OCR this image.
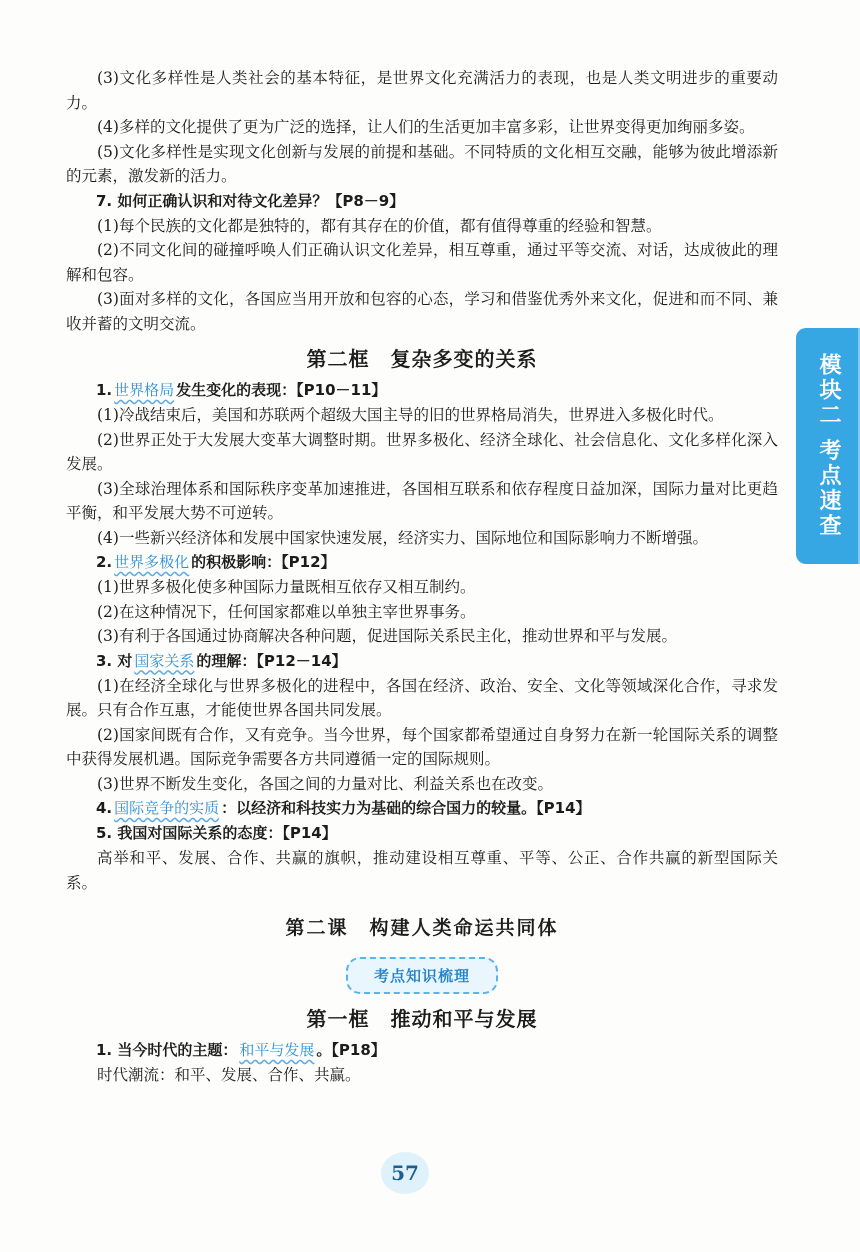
(3)文化多样性是人类社会的基本特征，是世界文化充满活力的表现，也是人类文明进步的重要动力。

(4)多样的文化提供了更为广泛的选择，让人们的生活更加丰富多彩，让世界变得更加绚丽多姿。

(5)文化多样性是实现文化创新与发展的前提和基础。不同特质的文化相互交融，能够为彼此增添新的元素，激发新的活力。

7. 如何正确认识和对待文化差异？【P8－9】

(1)每个民族的文化都是独特的，都有其存在的价值，都有值得尊重的经验和智慧。

(2)不同文化间的碰撞呼唤人们正确认识文化差异，相互尊重，通过平等交流、对话，达成彼此的理解和包容。

(3)面对多样的文化，各国应当用开放和包容的心态，学习和借鉴优秀外来文化，促进和而不同、兼收并蓄的文明交流。

第二框　复杂多变的关系
1. 世界格局 发生变化的表现：【P10－11】

(1)冷战结束后，美国和苏联两个超级大国主导的旧的世界格局消失，世界进入多极化时代。

(2)世界正处于大发展大变革大调整时期。世界多极化、经济全球化、社会信息化、文化多样化深入发展。

(3)全球治理体系和国际秩序变革加速推进，各国相互联系和依存程度日益加深，国际力量对比更趋平衡，和平发展大势不可逆转。

(4)一些新兴经济体和发展中国家快速发展，经济实力、国际地位和国际影响力不断增强。

2. 世界多极化 的积极影响：【P12】

(1)世界多极化使多种国际力量既相互依存又相互制约。

(2)在这种情况下，任何国家都难以单独主宰世界事务。

(3)有利于各国通过协商解决各种问题，促进国际关系民主化，推动世界和平与发展。

3. 对 国家关系 的理解：【P12－14】

(1)在经济全球化与世界多极化的进程中，各国在经济、政治、安全、文化等领域深化合作，寻求发展。只有合作互惠，才能使世界各国共同发展。

(2)国家间既有合作，又有竞争。当今世界，每个国家都希望通过自身努力在新一轮国际关系的调整中获得发展机遇。国际竞争需要各方共同遵循一定的国际规则。

(3)世界不断发生变化，各国之间的力量对比、利益关系也在改变。

4. 国际竞争的实质 ：以经济和科技实力为基础的综合国力的较量。【P14】
5. 我国对国际关系的态度：【P14】

高举和平、发展、合作、共赢的旗帜，推动建设相互尊重、平等、公正、合作共赢的新型国际关系。

第二课　构建人类命运共同体
考点知识梳理
第一框　推动和平与发展
1. 当今时代的主题： 和平与发展 。【P18】

时代潮流：和平、发展、合作、共赢。

模块二 考点速查
57
